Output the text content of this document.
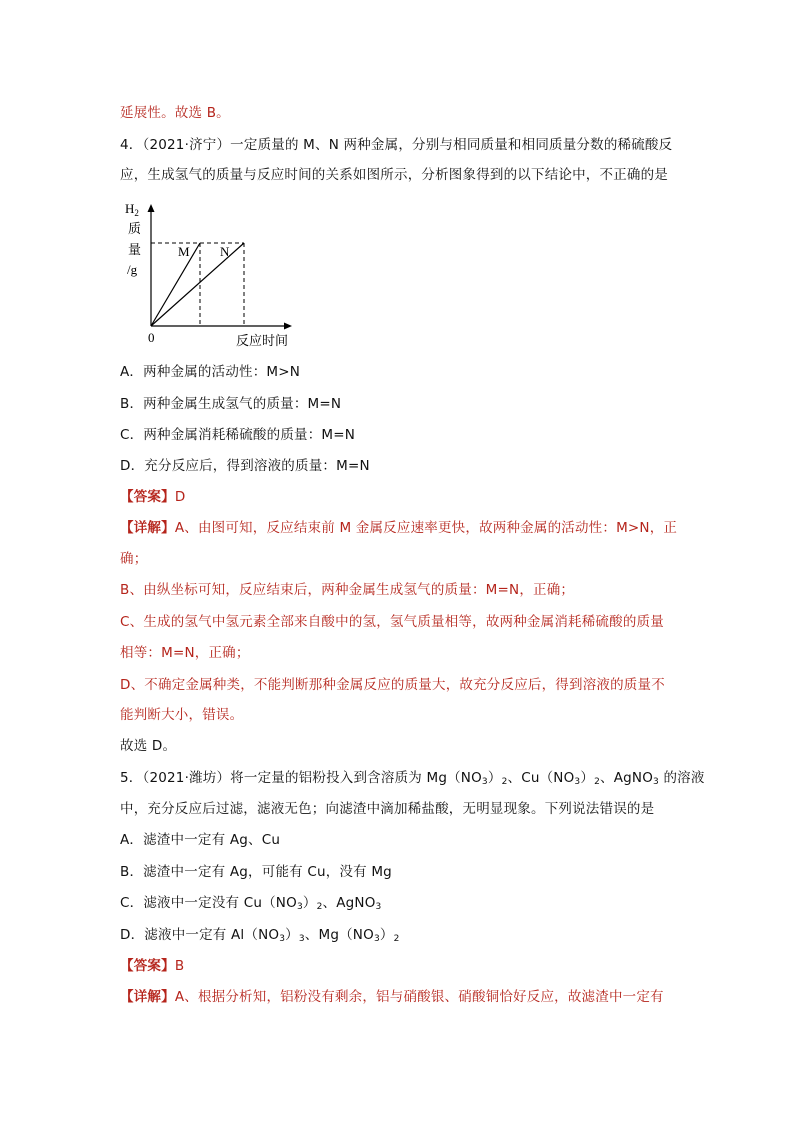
延展性。故选 B。
4．（2021·济宁）一定质量的 M、N 两种金属，分别与相同质量和相同质量分数的稀硫酸反
应，生成氢气的质量与反应时间的关系如图所示，分析图象得到的以下结论中，不正确的是
M N
$H_2$
质
量
/g
0	反应时间
A．两种金属的活动性：M>N
B．两种金属生成氢气的质量：M=N
C．两种金属消耗稀硫酸的质量：M=N
D．充分反应后，得到溶液的质量：M=N
【答案】D
【详解】A、由图可知，反应结束前 M 金属反应速率更快，故两种金属的活动性：M>N，正
确；
B、由纵坐标可知，反应结束后，两种金属生成氢气的质量：M=N，正确；
C、生成的氢气中氢元素全部来自酸中的氢，氢气质量相等，故两种金属消耗稀硫酸的质量
相等：M=N，正确；
D、不确定金属种类，不能判断那种金属反应的质量大，故充分反应后，得到溶液的质量不
能判断大小，错误。
故选 D。
5．（2021·潍坊）将一定量的铝粉投入到含溶质为 $Mg(NO_3)_2$、$Cu(NO_3)_2$、AgNO$_3$ 的溶液
中，充分反应后过滤，滤液无色；向滤渣中滴加稀盐酸，无明显现象。下列说法错误的是
A．滤渣中一定有 Ag、Cu
B．滤渣中一定有 Ag，可能有 Cu，没有 Mg
C．滤液中一定没有 $Cu(NO_3)_2$、AgNO$_3$
D．滤液中一定有 $Al(NO_3)_3$、$Mg(NO_3)_2$
【答案】B
【详解】A、根据分析知，铝粉没有剩余，铝与硝酸银、硝酸铜恰好反应，故滤渣中一定有
